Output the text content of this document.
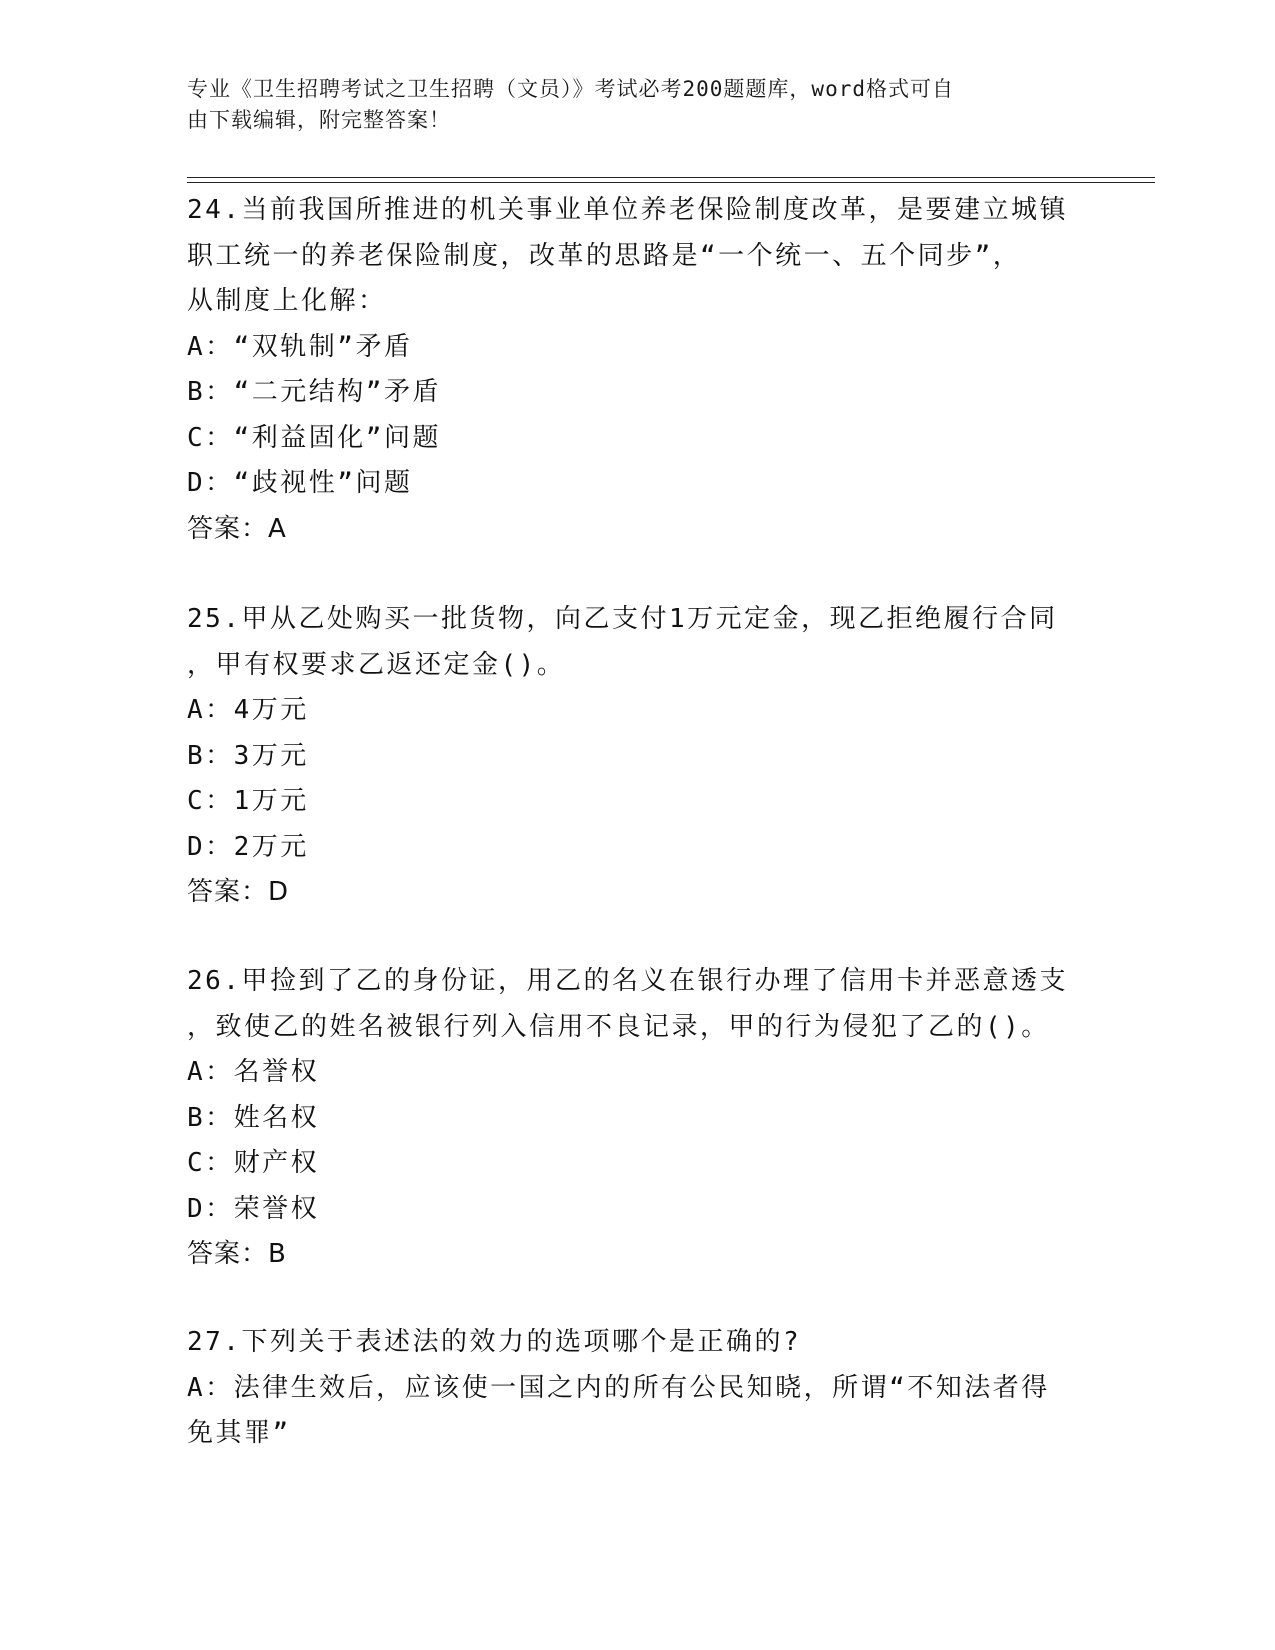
专业《卫生招聘考试之卫生招聘（文员）》考试必考200题题库，word格式可自
由下载编辑，附完整答案！
24.当前我国所推进的机关事业单位养老保险制度改革，是要建立城镇
职工统一的养老保险制度，改革的思路是“一个统一、五个同步”，
从制度上化解：
A：“双轨制”矛盾
B：“二元结构”矛盾
C：“利益固化”问题
D：“歧视性”问题
答案：A
25.甲从乙处购买一批货物，向乙支付1万元定金，现乙拒绝履行合同
，甲有权要求乙返还定金()。
A：4万元
B：3万元
C：1万元
D：2万元
答案：D
26.甲捡到了乙的身份证，用乙的名义在银行办理了信用卡并恶意透支
，致使乙的姓名被银行列入信用不良记录，甲的行为侵犯了乙的()。
A：名誉权
B：姓名权
C：财产权
D：荣誉权
答案：B
27.下列关于表述法的效力的选项哪个是正确的?
A：法律生效后，应该使一国之内的所有公民知晓，所谓“不知法者得
免其罪”
